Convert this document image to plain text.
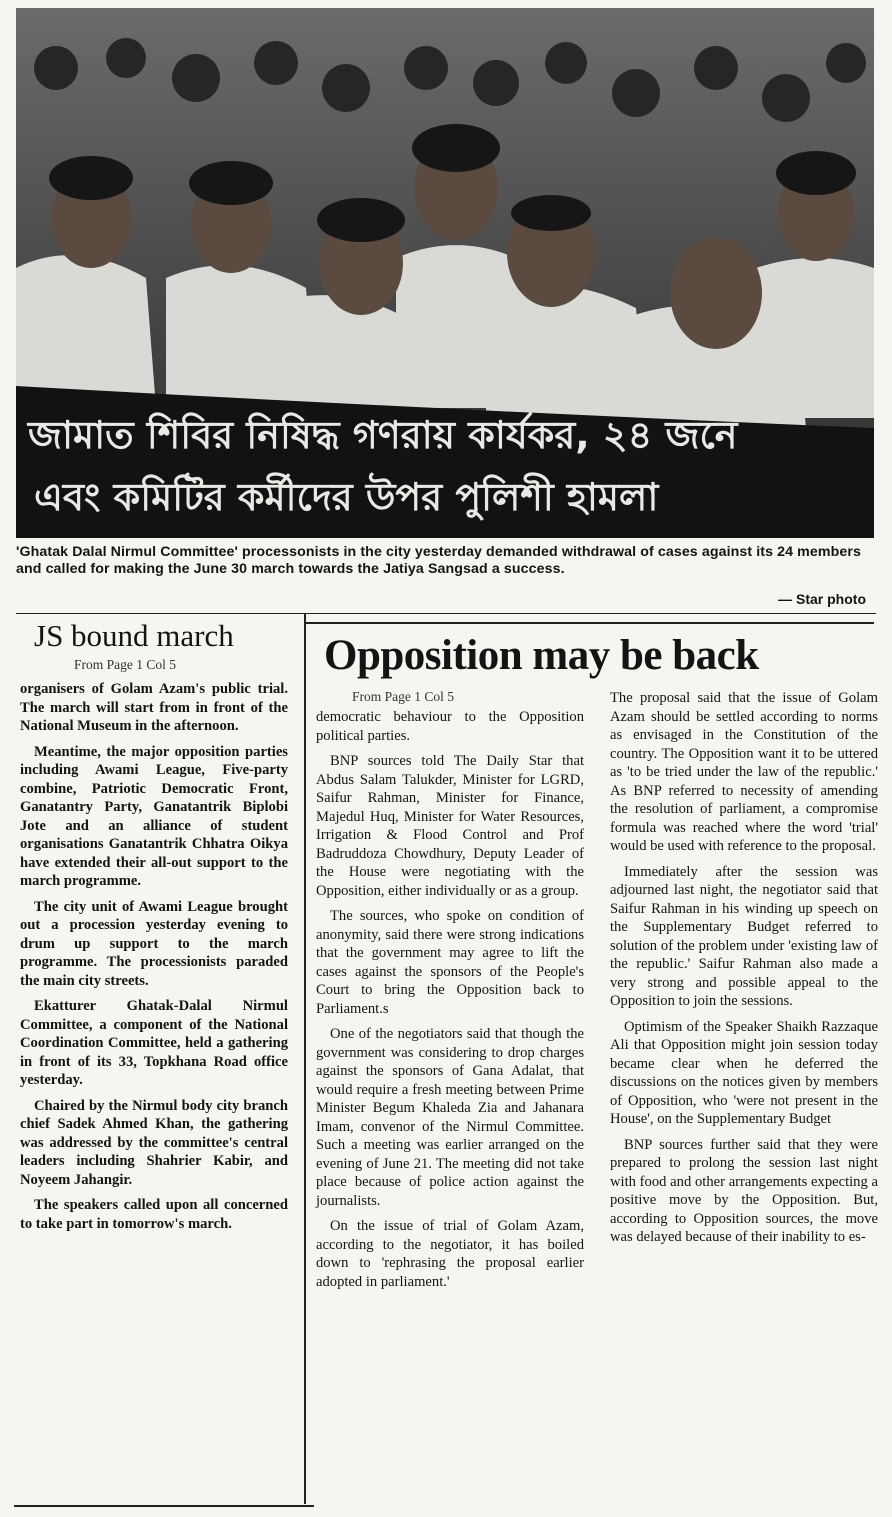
জামাত শিবির নিষিদ্ধ গণরায় কার্যকর, ২৪ জনে
এবং কমিটির কর্মীদের উপর পুলিশী হামলা
'Ghatak Dalal Nirmul Committee' processonists in the city yesterday demanded withdrawal of cases against its 24 members and called for making the June 30 march towards the Jatiya Sangsad a success.
— Star photo
JS bound march
From Page 1 Col 5

organisers of Golam Azam's public trial. The march will start from in front of the National Museum in the afternoon.

Meantime, the major opposition parties including Awami League, Five-party combine, Patriotic Democratic Front, Ganatantry Party, Ganatantrik Biplobi Jote and an alliance of student organisations Ganatantrik Chhatra Oikya have extended their all-out support to the march programme.

The city unit of Awami League brought out a procession yesterday evening to drum up support to the march programme. The processionists paraded the main city streets.

Ekatturer Ghatak-Dalal Nirmul Committee, a component of the National Coordination Committee, held a gathering in front of its 33, Topkhana Road office yesterday.

Chaired by the Nirmul body city branch chief Sadek Ahmed Khan, the gathering was addressed by the committee's central leaders including Shahrier Kabir, and Noyeem Jahangir.

The speakers called upon all concerned to take part in tomorrow's march.

Opposition may be back
From Page 1 Col 5

democratic behaviour to the Opposition political parties.

BNP sources told The Daily Star that Abdus Salam Talukder, Minister for LGRD, Saifur Rahman, Minister for Finance, Majedul Huq, Minister for Water Resources, Irrigation & Flood Control and Prof Badruddoza Chowdhury, Deputy Leader of the House were negotiating with the Opposition, either individually or as a group.

The sources, who spoke on condition of anonymity, said there were strong indications that the government may agree to lift the cases against the sponsors of the People's Court to bring the Opposition back to Parliament.s

One of the negotiators said that though the government was considering to drop charges against the sponsors of Gana Adalat, that would require a fresh meeting between Prime Minister Begum Khaleda Zia and Jahanara Imam, convenor of the Nirmul Committee. Such a meeting was earlier arranged on the evening of June 21. The meeting did not take place because of police action against the journalists.

On the issue of trial of Golam Azam, according to the negotiator, it has boiled down to 'rephrasing the proposal earlier adopted in parliament.'

The proposal said that the issue of Golam Azam should be settled according to norms as envisaged in the Constitution of the country. The Opposition want it to be uttered as 'to be tried under the law of the republic.' As BNP referred to necessity of amending the resolution of parliament, a compromise formula was reached where the word 'trial' would be used with reference to the proposal.

Immediately after the session was adjourned last night, the negotiator said that Saifur Rahman in his winding up speech on the Supplementary Budget referred to solution of the problem under 'existing law of the republic.' Saifur Rahman also made a very strong and possible appeal to the Opposition to join the sessions.

Optimism of the Speaker Shaikh Razzaque Ali that Opposition might join session today became clear when he deferred the discussions on the notices given by members of Opposition, who 'were not present in the House', on the Supplementary Budget

BNP sources further said that they were prepared to prolong the session last night with food and other arrangements expecting a positive move by the Opposition. But, according to Opposition sources, the move was delayed because of their inability to es-
